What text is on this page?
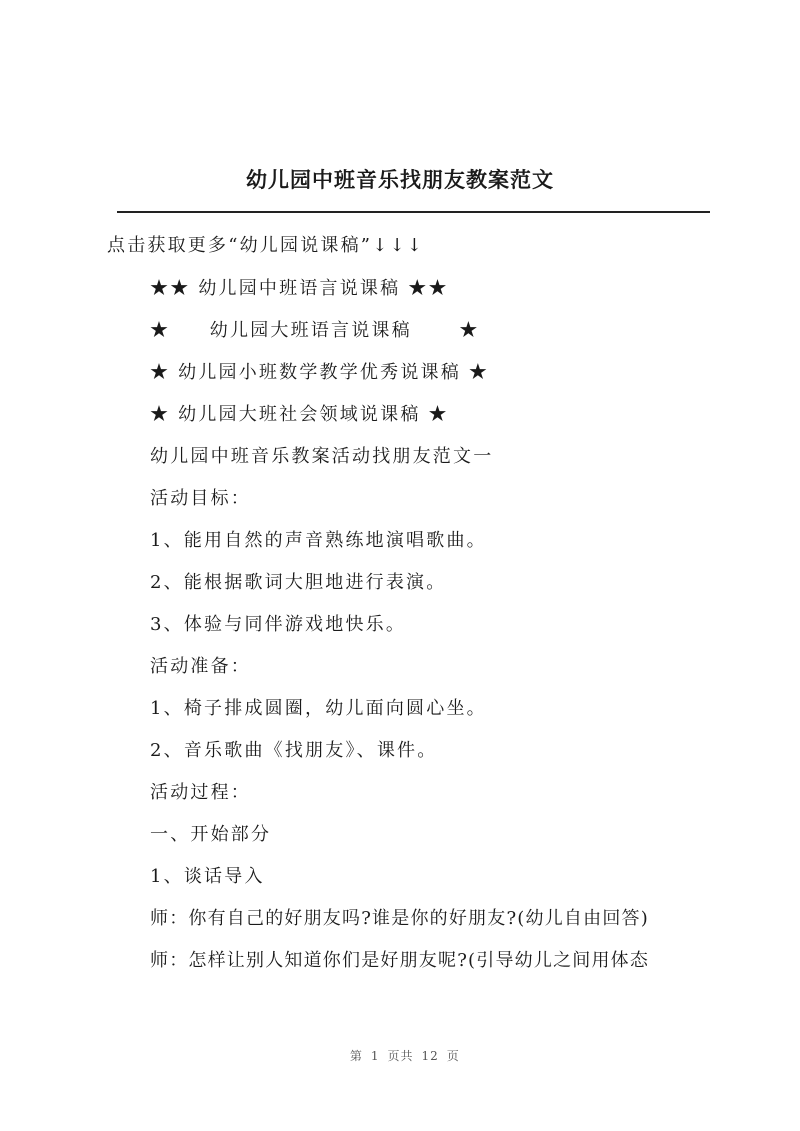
幼儿园中班音乐找朋友教案范文
点击获取更多“幼儿园说课稿”↓↓↓
★★ 幼儿园中班语言说课稿 ★★
★     幼儿园大班语言说课稿      ★
★ 幼儿园小班数学教学优秀说课稿 ★
★ 幼儿园大班社会领域说课稿 ★
幼儿园中班音乐教案活动找朋友范文一
活动目标：
1、能用自然的声音熟练地演唱歌曲。
2、能根据歌词大胆地进行表演。
3、体验与同伴游戏地快乐。
活动准备：
1、椅子排成圆圈，幼儿面向圆心坐。
2、音乐歌曲《找朋友》、课件。
活动过程：
一、开始部分
1、谈话导入
师：你有自己的好朋友吗?谁是你的好朋友?(幼儿自由回答)
师：怎样让别人知道你们是好朋友呢?(引导幼儿之间用体态

第 1 页共 12 页
